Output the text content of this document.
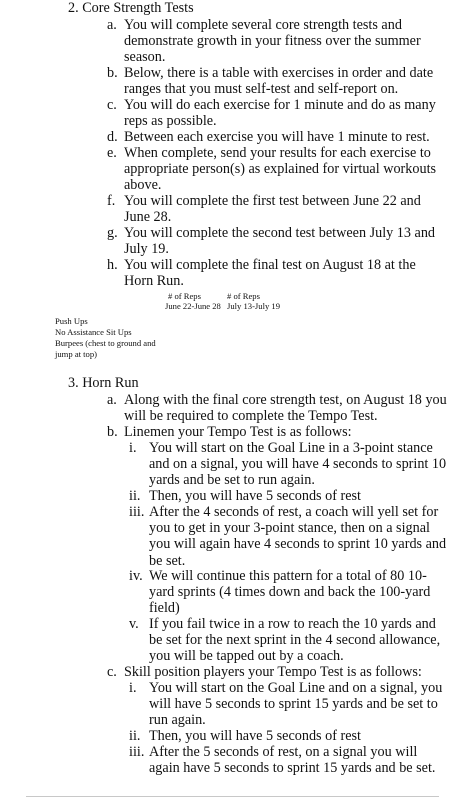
2. Core Strength Tests
a. You will complete several core strength tests and demonstrate growth in your fitness over the summer season.
b. Below, there is a table with exercises in order and date ranges that you must self-test and self-report on.
c. You will do each exercise for 1 minute and do as many reps as possible.
d. Between each exercise you will have 1 minute to rest.
e. When complete, send your results for each exercise to appropriate person(s) as explained for virtual workouts above.
f. You will complete the first test between June 22 and June 28.
g. You will complete the second test between July 13 and July 19.
h. You will complete the final test on August 18 at the Horn Run.
# of Reps	# of Reps
June 22-June 28 July 13-July 19
Push Ups
No Assistance Sit Ups
Burpees (chest to ground and jump at top)
3. Horn Run
a. Along with the final core strength test, on August 18 you will be required to complete the Tempo Test.
b. Linemen your Tempo Test is as follows:
i. You will start on the Goal Line in a 3-point stance and on a signal, you will have 4 seconds to sprint 10 yards and be set to run again.
ii. Then, you will have 5 seconds of rest
iii. After the 4 seconds of rest, a coach will yell set for you to get in your 3-point stance, then on a signal you will again have 4 seconds to sprint 10 yards and be set.
iv. We will continue this pattern for a total of 80 10-yard sprints (4 times down and back the 100-yard field)
v. If you fail twice in a row to reach the 10 yards and be set for the next sprint in the 4 second allowance, you will be tapped out by a coach.
c. Skill position players your Tempo Test is as follows:
i. You will start on the Goal Line and on a signal, you will have 5 seconds to sprint 15 yards and be set to run again.
ii. Then, you will have 5 seconds of rest
iii. After the 5 seconds of rest, on a signal you will again have 5 seconds to sprint 15 yards and be set.
